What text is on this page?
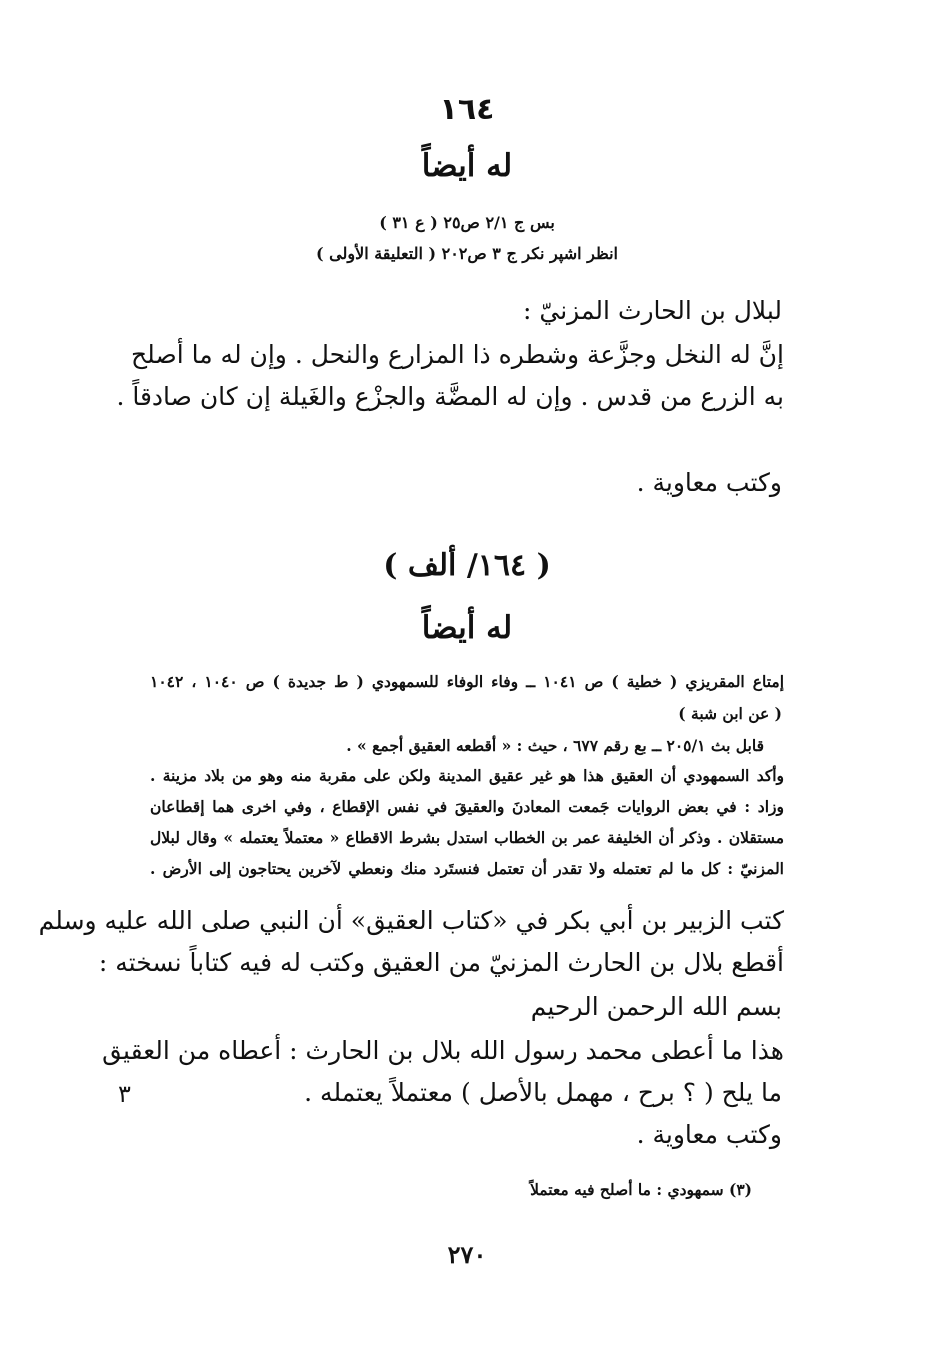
١٦٤
له أيضاً
بس ج ٢/١ ص٢٥ ( ع ٣١ )
انظر اشپر نكر ج ٣ ص٢٠٢ ( التعليقة الأولى )
لبلال بن الحارث المزنيّ :
إنَّ له النخل وجزَّعة وشطره ذا المزارع والنحل . وإن له ما أصلح
به الزرع من قدس . وإن له المضَّة والجزْع والغَيلة إن كان صادقاً .
وكتب معاوية .
( ١٦٤/ ألف )
له أيضاً
إمتاع المقريزي ( خطية ) ص ١٠٤١ ــ وفاء الوفاء للسمهودي ( ط جديدة ) ص ١٠٤٠ ، ١٠٤٢
( عن ابن شبة )
قابل بث ٢٠٥/١ ــ بع رقم ٦٧٧ ، حيث : « أقطعه العقيق أجمع » .
وأكد السمهودي أن العقيق هذا هو غير عقيق المدينة ولكن على مقربة منه وهو من بلاد مزينة .
وزاد : في بعض الروايات جَمعت المعادنَ والعقيقَ في نفس الإقطاع ، وفي اخرى هما إقطاعان
مستقلان . وذكر أن الخليفة عمر بن الخطاب استدل بشرط الاقطاع « معتملاً يعتمله » وقال لبلال
المزنيّ : كل ما لم تعتمله ولا تقدر أن تعتمل فنستَرد منك ونعطي لآخرين يحتاجون إلى الأرض .
كتب الزبير بن أبي بكر في «كتاب العقيق» أن النبي صلى الله عليه وسلم
أقطع بلال بن الحارث المزنيّ من العقيق وكتب له فيه كتاباً نسخته :
بسم الله الرحمن الرحيم
هذا ما أعطى محمد رسول الله بلال بن الحارث : أعطاه من العقيق
ما يلح ( ؟ برح ، مهمل بالأصل ) معتملاً يعتمله .
وكتب معاوية .
٣
(٣) سمهودي : ما أصلح فيه معتملاً
٢٧٠
